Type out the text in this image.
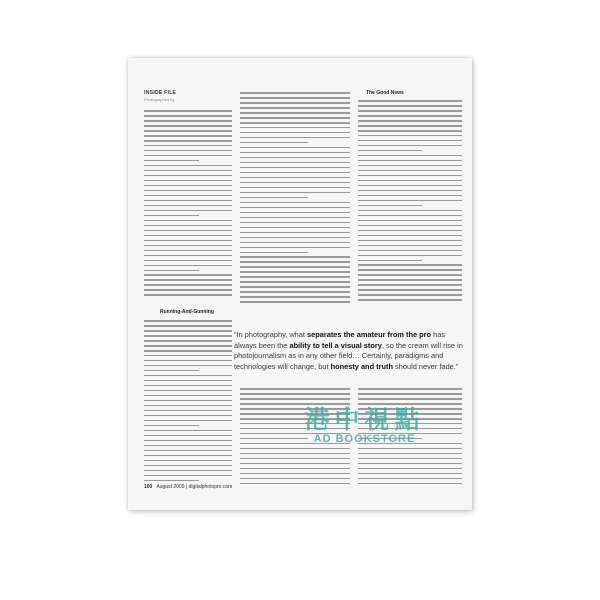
INSIDE FILE
Photographed by
The Good News
Running-And-Gunning
“In photography, what separates the amateur from the pro has always been the ability to tell a visual story, so the cream will rise in photojournalism as in any other field… Certainly, paradigms and technologies will change, but honesty and truth should never fade.”
100 August 2009 | digitalphotopro.com
港中視點
AD BOOKSTORE
